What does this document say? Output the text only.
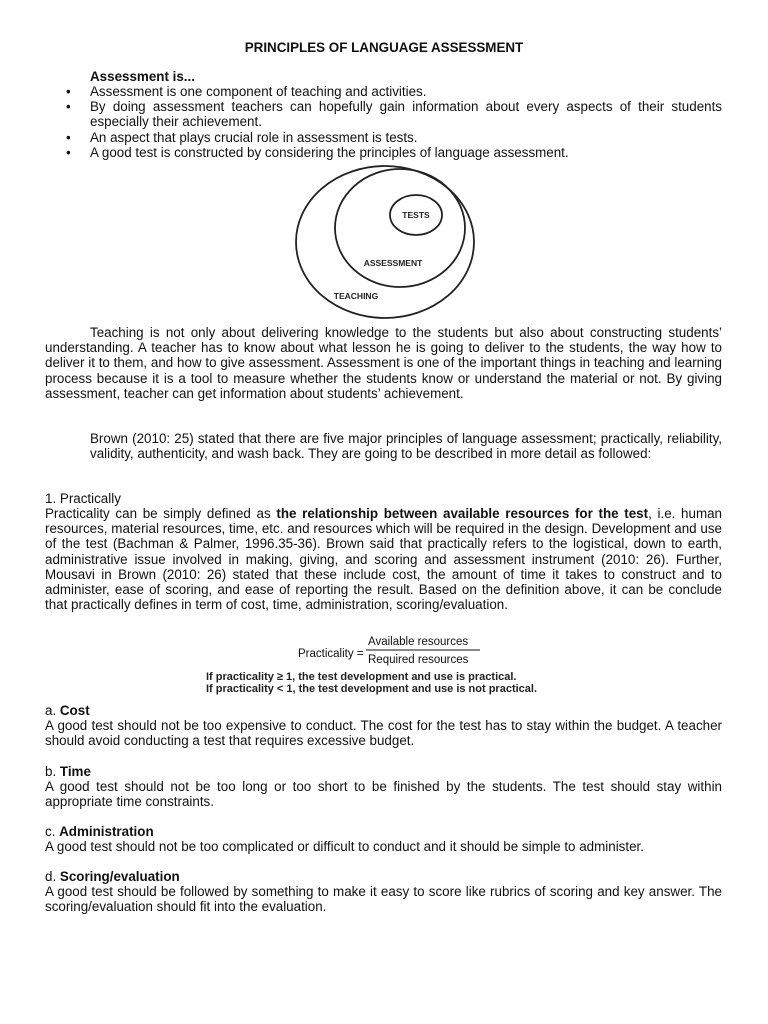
PRINCIPLES OF LANGUAGE ASSESSMENT
Assessment is...
• Assessment is one component of teaching and activities.
• By doing assessment teachers can hopefully gain information about every aspects of their students especially their achievement.
• An aspect that plays crucial role in assessment is tests.
• A good test is constructed by considering the principles of language assessment.
TESTS
ASSESSMENT
TEACHING
Teaching is not only about delivering knowledge to the students but also about constructing students’ understanding. A teacher has to know about what lesson he is going to deliver to the students, the way how to deliver it to them, and how to give assessment. Assessment is one of the important things in teaching and learning process because it is a tool to measure whether the students know or understand the material or not. By giving assessment, teacher can get information about students’ achievement.
Brown (2010: 25) stated that there are five major principles of language assessment; practically, reliability, validity, authenticity, and wash back. They are going to be described in more detail as followed:
1. Practically
Practicality can be simply defined as the relationship between available resources for the test, i.e. human resources, material resources, time, etc. and resources which will be required in the design. Development and use of the test (Bachman & Palmer, 1996.35-36). Brown said that practically refers to the logistical, down to earth, administrative issue involved in making, giving, and scoring and assessment instrument (2010: 26). Further, Mousavi in Brown (2010: 26) stated that these include cost, the amount of time it takes to construct and to administer, ease of scoring, and ease of reporting the result. Based on the definition above, it can be conclude that practically defines in term of cost, time, administration, scoring/evaluation.
Practicality =
Available resources
Required resources
If practicality ≥ 1, the test development and use is practical.
If practicality < 1, the test development and use is not practical.
a. Cost
A good test should not be too expensive to conduct. The cost for the test has to stay within the budget. A teacher should avoid conducting a test that requires excessive budget.
b. Time
A good test should not be too long or too short to be finished by the students. The test should stay within appropriate time constraints.
c. Administration
A good test should not be too complicated or difficult to conduct and it should be simple to administer.
d. Scoring/evaluation
A good test should be followed by something to make it easy to score like rubrics of scoring and key answer. The scoring/evaluation should fit into the evaluation.
